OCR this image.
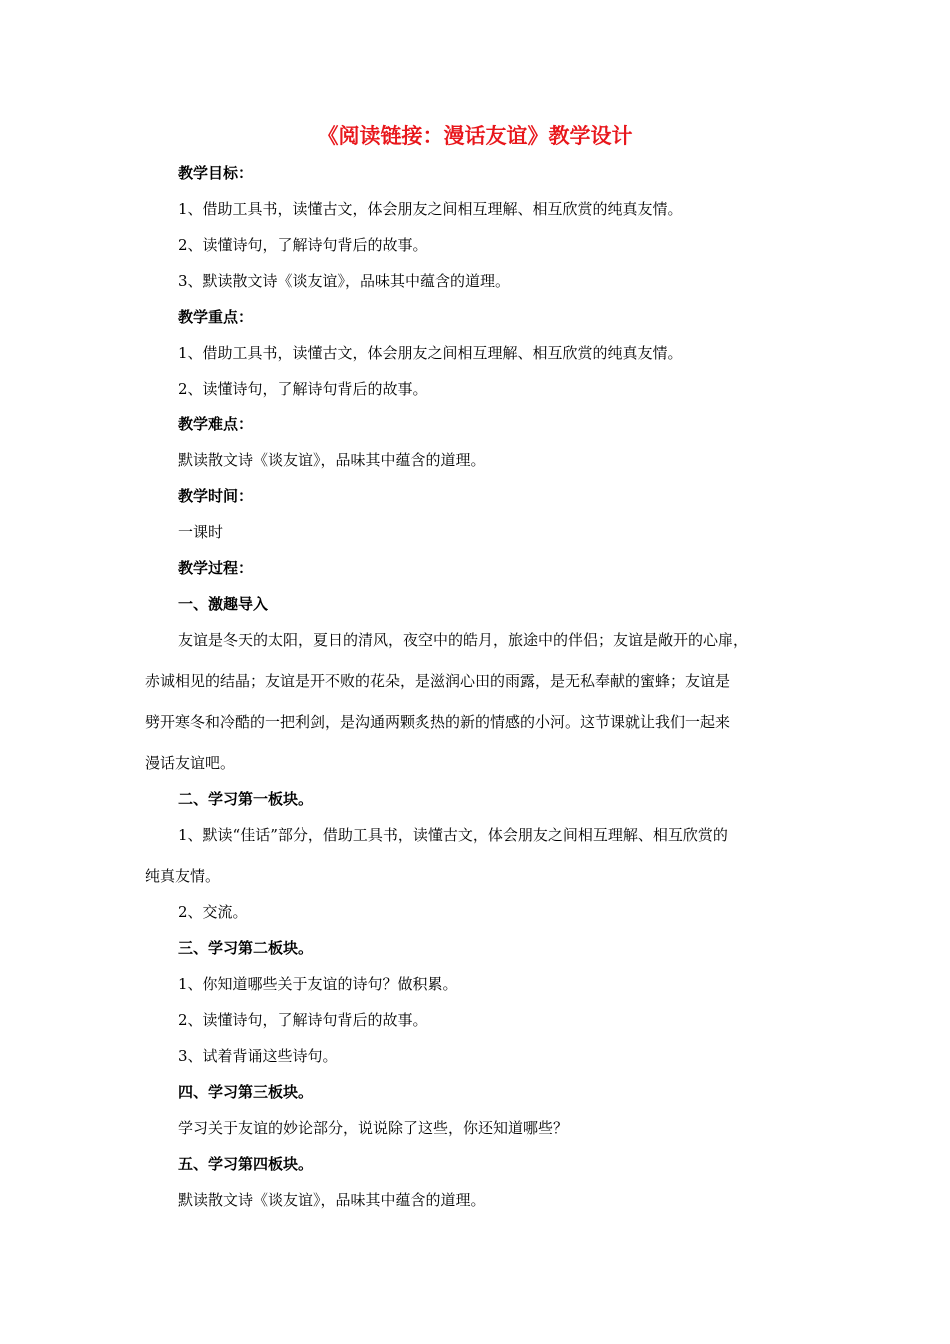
《阅读链接：漫话友谊》教学设计
教学目标：
1、借助工具书，读懂古文，体会朋友之间相互理解、相互欣赏的纯真友情。
2、读懂诗句，了解诗句背后的故事。
3、默读散文诗《谈友谊》，品味其中蕴含的道理。
教学重点：
1、借助工具书，读懂古文，体会朋友之间相互理解、相互欣赏的纯真友情。
2、读懂诗句，了解诗句背后的故事。
教学难点：
默读散文诗《谈友谊》，品味其中蕴含的道理。
教学时间：
一课时
教学过程：
一、激趣导入
友谊是冬天的太阳，夏日的清风，夜空中的皓月，旅途中的伴侣；友谊是敞开的心扉，
赤诚相见的结晶；友谊是开不败的花朵，是滋润心田的雨露，是无私奉献的蜜蜂；友谊是
劈开寒冬和冷酷的一把利剑，是沟通两颗炙热的新的情感的小河。这节课就让我们一起来
漫话友谊吧。
二、学习第一板块。
1、默读“佳话”部分，借助工具书，读懂古文，体会朋友之间相互理解、相互欣赏的
纯真友情。
2、交流。
三、学习第二板块。
1、你知道哪些关于友谊的诗句？做积累。
2、读懂诗句，了解诗句背后的故事。
3、试着背诵这些诗句。
四、学习第三板块。
学习关于友谊的妙论部分，说说除了这些，你还知道哪些？
五、学习第四板块。
默读散文诗《谈友谊》，品味其中蕴含的道理。
